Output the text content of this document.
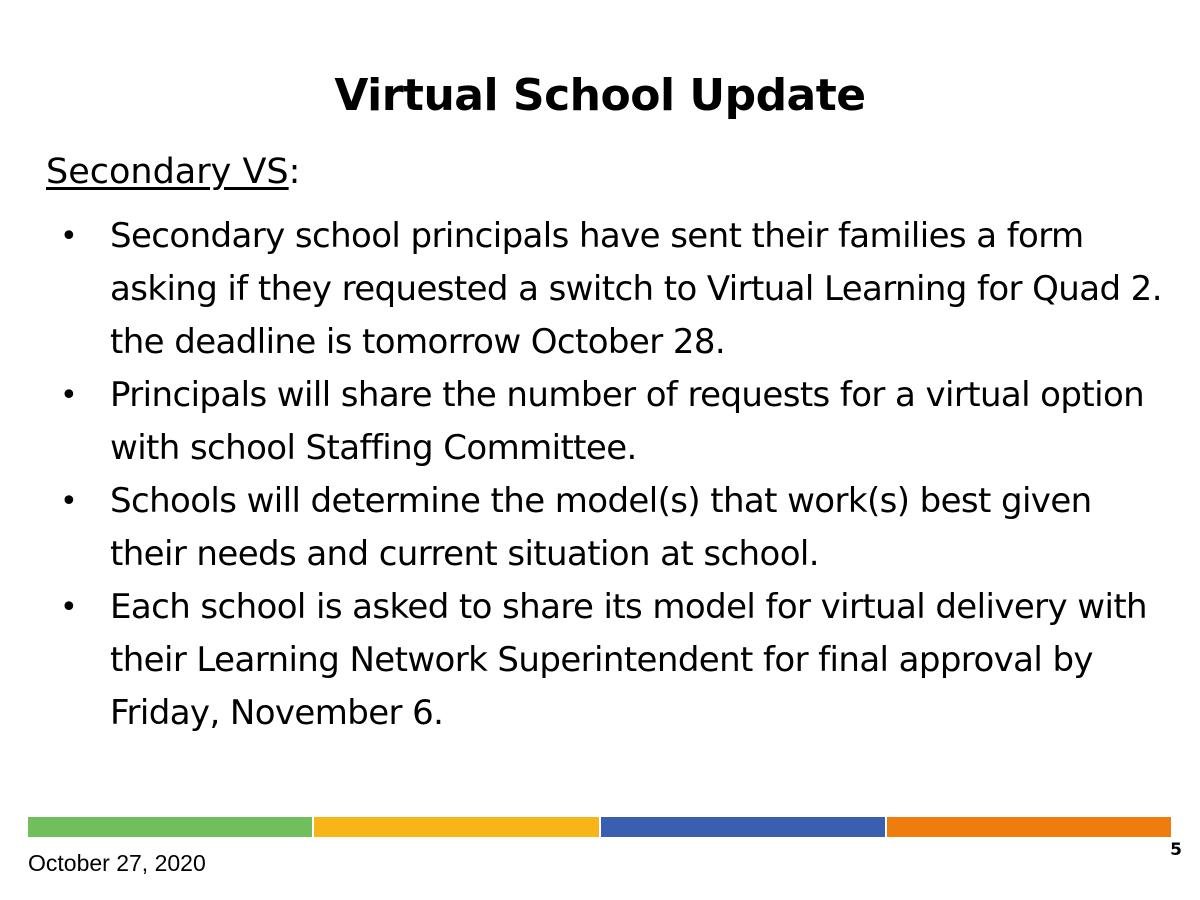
Virtual School Update

Secondary VS:

• Secondary school principals have sent their families a form asking if they requested a switch to Virtual Learning for Quad 2. the deadline is tomorrow October 28.
• Principals will share the number of requests for a virtual option with school Staffing Committee.
• Schools will determine the model(s) that work(s) best given their needs and current situation at school.
• Each school is asked to share its model for virtual delivery with their Learning Network Superintendent for final approval by Friday, November 6.
October 27, 2020	5
